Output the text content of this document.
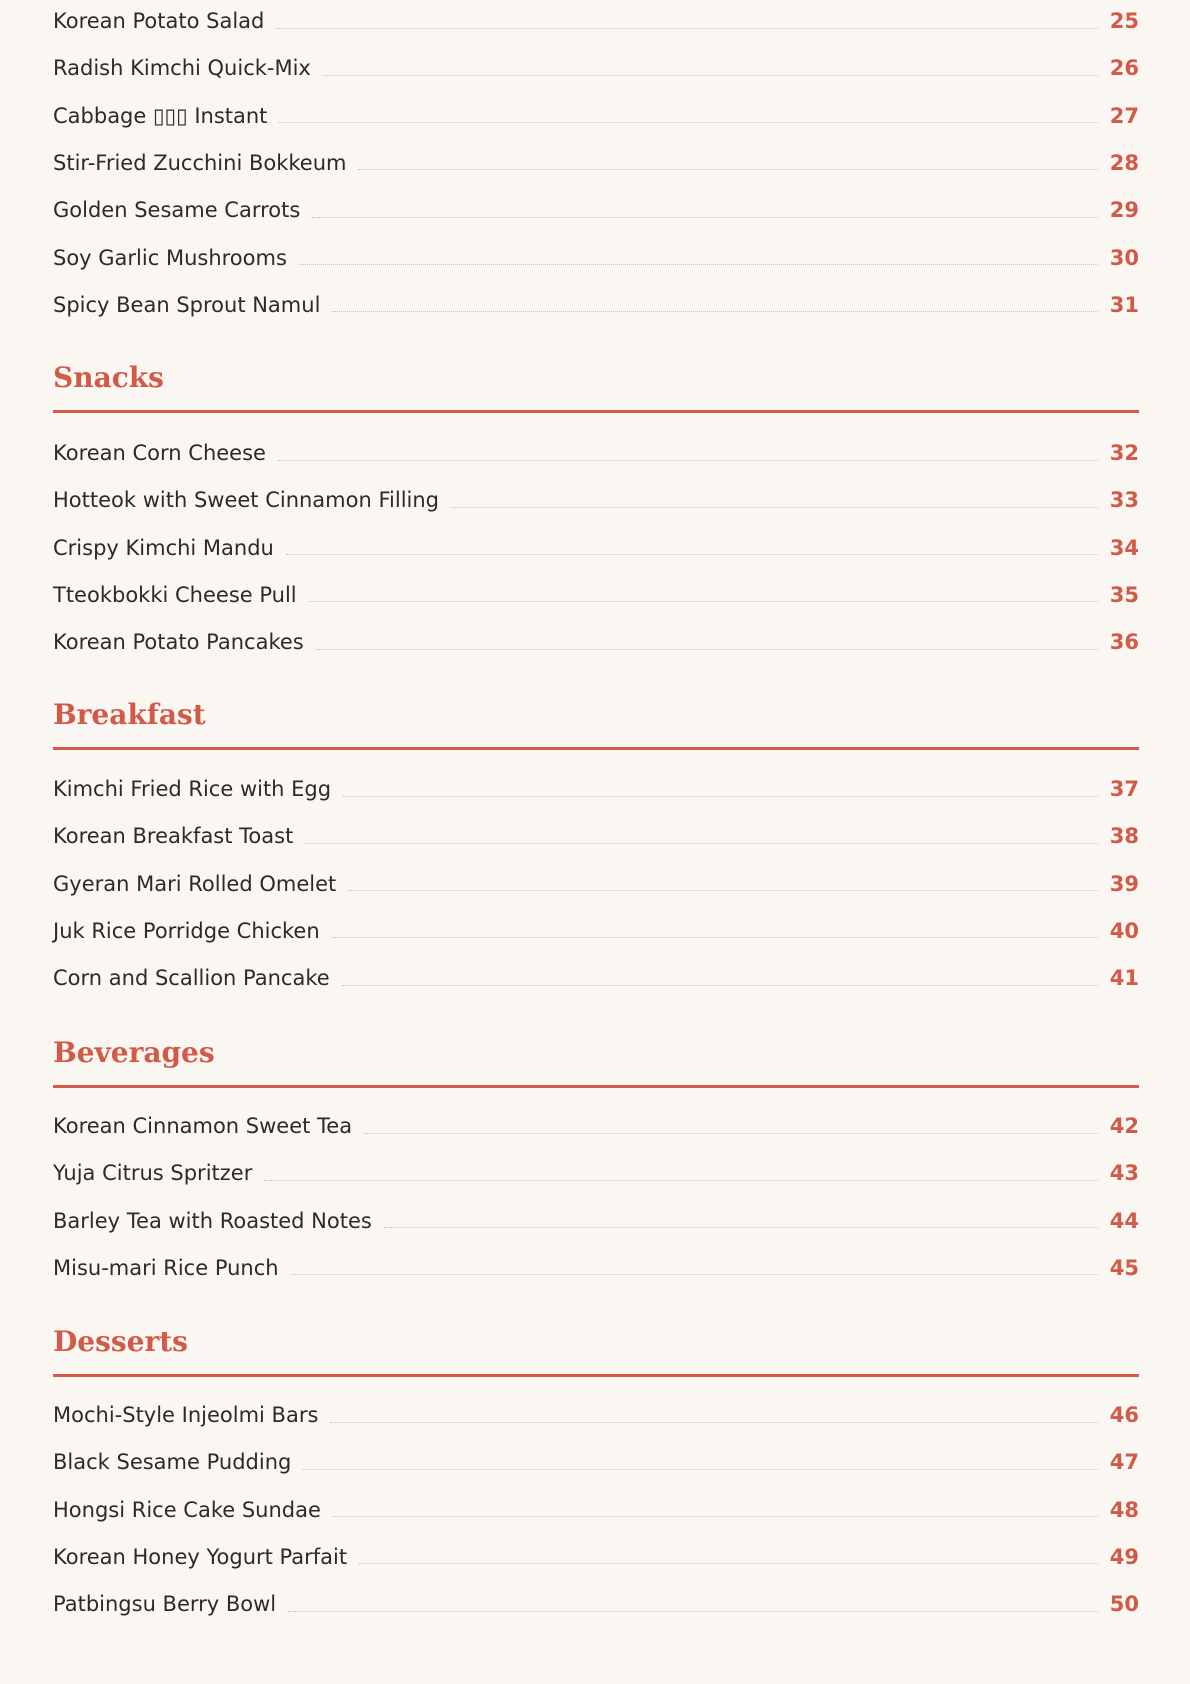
Korean Potato Salad	25
Radish Kimchi Quick-Mix	26
Cabbage ▯▯▯ Instant	27
Stir-Fried Zucchini Bokkeum	28
Golden Sesame Carrots	29
Soy Garlic Mushrooms	30
Spicy Bean Sprout Namul	31
Snacks
Korean Corn Cheese	32
Hotteok with Sweet Cinnamon Filling	33
Crispy Kimchi Mandu	34
Tteokbokki Cheese Pull	35
Korean Potato Pancakes	36
Breakfast
Kimchi Fried Rice with Egg	37
Korean Breakfast Toast	38
Gyeran Mari Rolled Omelet	39
Juk Rice Porridge Chicken	40
Corn and Scallion Pancake	41
Beverages
Korean Cinnamon Sweet Tea	42
Yuja Citrus Spritzer	43
Barley Tea with Roasted Notes	44
Misu-mari Rice Punch	45
Desserts
Mochi-Style Injeolmi Bars	46
Black Sesame Pudding	47
Hongsi Rice Cake Sundae	48
Korean Honey Yogurt Parfait	49
Patbingsu Berry Bowl	50
